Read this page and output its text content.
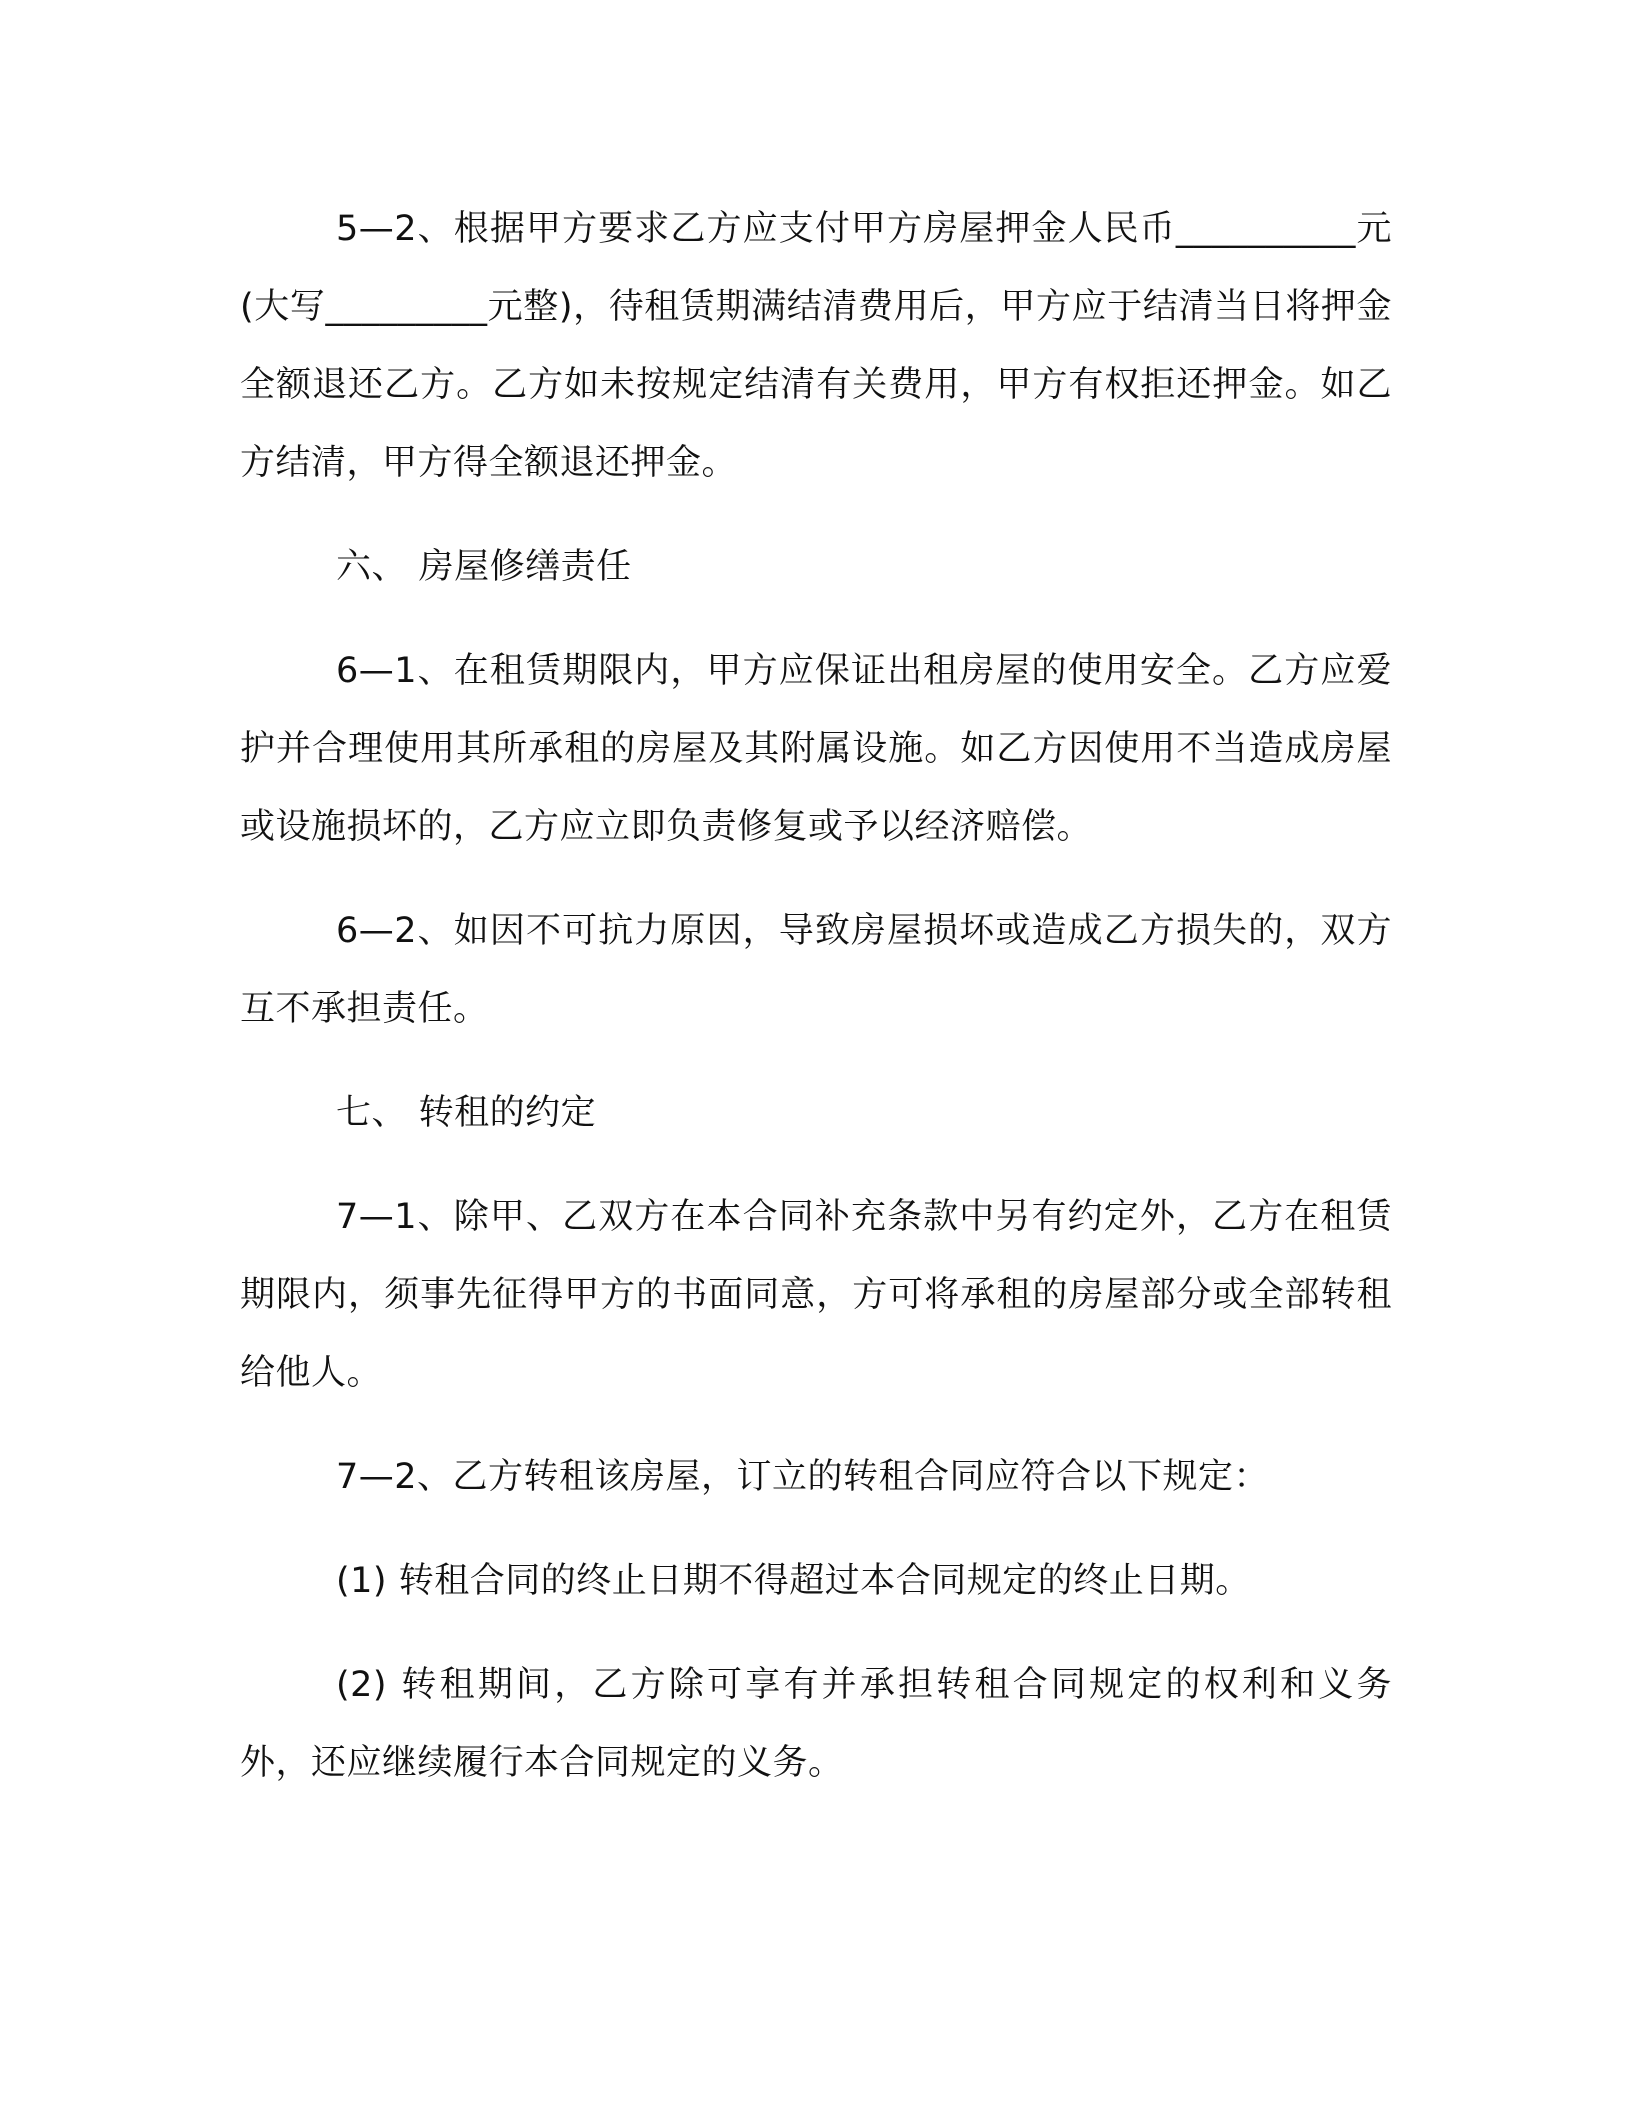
5—2、根据甲方要求乙方应支付甲方房屋押金人民币__________元(大写_________元整)，待租赁期满结清费用后，甲方应于结清当日将押金全额退还乙方。乙方如未按规定结清有关费用，甲方有权拒还押金。如乙方结清，甲方得全额退还押金。

六、 房屋修缮责任

6—1、在租赁期限内，甲方应保证出租房屋的使用安全。乙方应爱护并合理使用其所承租的房屋及其附属设施。如乙方因使用不当造成房屋或设施损坏的，乙方应立即负责修复或予以经济赔偿。

6—2、如因不可抗力原因，导致房屋损坏或造成乙方损失的，双方互不承担责任。

七、 转租的约定

7—1、除甲、乙双方在本合同补充条款中另有约定外，乙方在租赁期限内，须事先征得甲方的书面同意，方可将承租的房屋部分或全部转租给他人。

7—2、乙方转租该房屋，订立的转租合同应符合以下规定：

(1) 转租合同的终止日期不得超过本合同规定的终止日期。

(2) 转租期间，乙方除可享有并承担转租合同规定的权利和义务外，还应继续履行本合同规定的义务。
